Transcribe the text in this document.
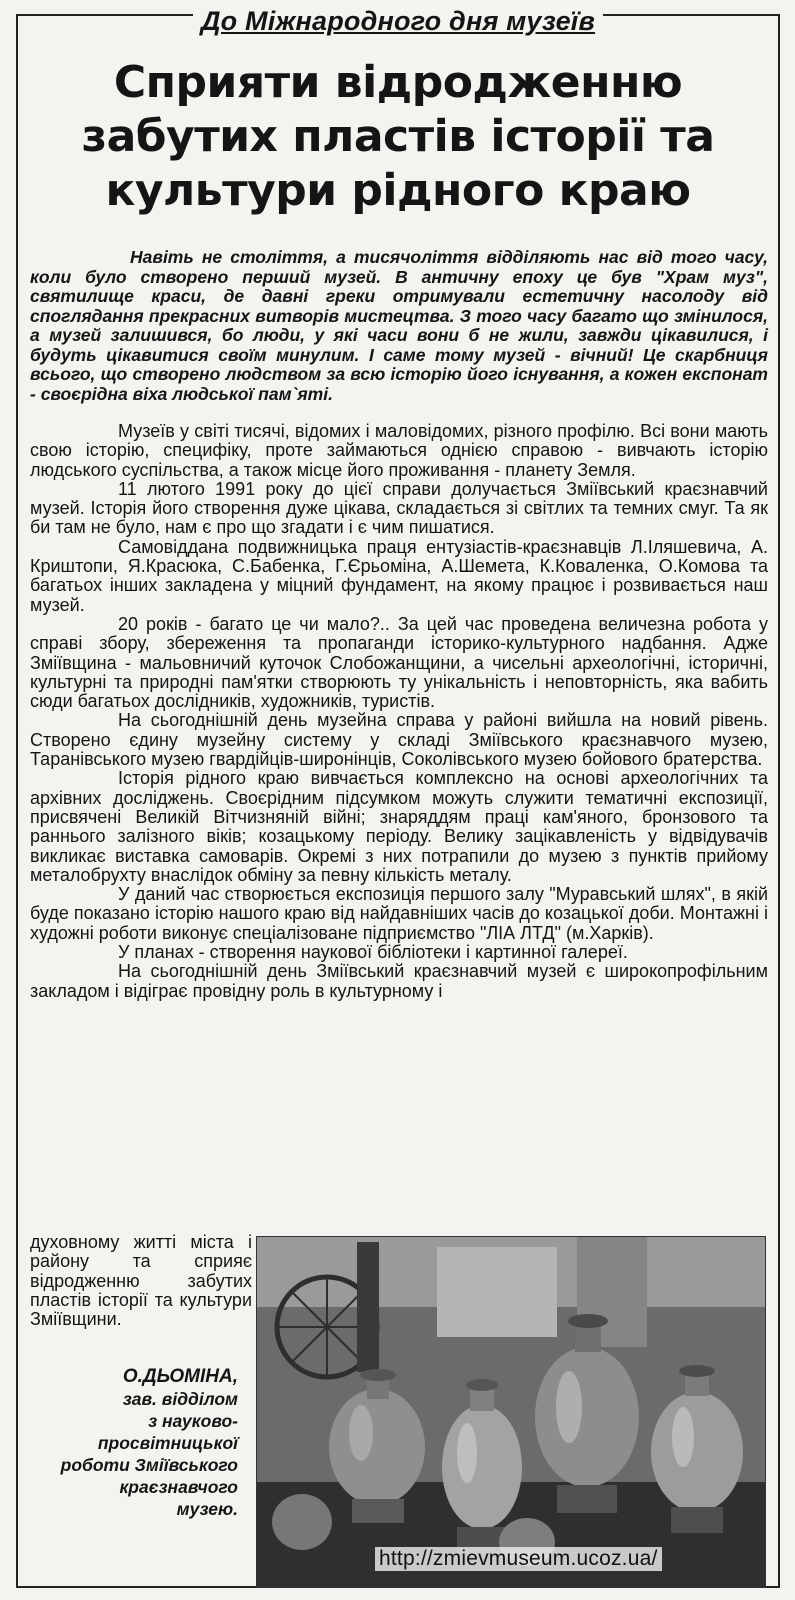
До Міжнародного дня музеїв
Сприяти відродженню
забутих пластів історії та
культури рідного краю

Навіть не століття, а тисячоліття відділяють нас від того часу, коли було створено перший музей. В античну епоху це був "Храм муз", святилище краси, де давні греки отримували естетичну насолоду від споглядання прекрасних витворів мистецтва. З того часу багато що змінилося, а музей залишився, бо люди, у які часи вони б не жили, завжди цікавилися, і будуть цікавитися своїм минулим. І саме тому музей - вічний! Це скарбниця всього, що створено людством за всю історію його існування, а кожен експонат - своєрідна віха людської пам`яті.

Музеїв у світі тисячі, відомих і маловідомих, різного профілю. Всі вони мають свою історію, специфіку, проте займаються однією справою - вивчають історію людського суспільства, а також місце його проживання - планету Земля.

11 лютого 1991 року до цієї справи долучається Зміївський краєзнавчий музей. Історія його створення дуже цікава, складається зі світлих та темних смуг. Та як би там не було, нам є про що згадати і є чим пишатися.

Самовіддана подвижницька праця ентузіастів-краєзнавців Л.Іляшевича, А. Криштопи, Я.Красюка, С.Бабенка, Г.Єрьоміна, А.Шемета, К.Коваленка, О.Комова та багатьох інших закладена у міцний фундамент, на якому працює і розвивається наш музей.

20 років - багато це чи мало?.. За цей час проведена величезна робота у справі збору, збереження та пропаганди історико-культурного надбання. Адже Зміївщина - мальовничий куточок Слобожанщини, а чисельні археологічні, історичні, культурні та природні пам'ятки створюють ту унікальність і неповторність, яка вабить сюди багатьох дослідників, художників, туристів.

На сьогоднішній день музейна справа у районі вийшла на новий рівень. Створено єдину музейну систему у складі Зміївського краєзнавчого музею, Таранівського музею гвардійців-широнінців, Соколівського музею бойового братерства.

Історія рідного краю вивчається комплексно на основі археологічних та архівних досліджень. Своєрідним підсумком можуть служити тематичні експозиції, присвячені Великій Вітчизняній війні; знаряддям праці кам'яного, бронзового та раннього залізного віків; козацькому періоду. Велику зацікавленість у відвідувачів викликає виставка самоварів. Окремі з них потрапили до музею з пунктів прийому металобрухту внаслідок обміну за певну кількість металу.

У даний час створюється експозиція першого залу "Муравський шлях", в якій буде показано історію нашого краю від найдавніших часів до козацької доби. Монтажні і художні роботи виконує спеціалізоване підприємство "ЛІА ЛТД" (м.Харків).

У планах - створення наукової бібліотеки і картинної галереї.

На сьогоднішній день Зміївський краєзнавчий музей є широкопрофільним закладом і відіграє провідну роль в культурному і

духовному житті міста і району та сприяє відродженню забутих пластів історії та культури Зміївщини.

О.ДЬОМІНА,
зав. відділом
з науково-
просвітницької
роботи Зміївського
краєзнавчого
музею.

http://zmievmuseum.ucoz.ua/
